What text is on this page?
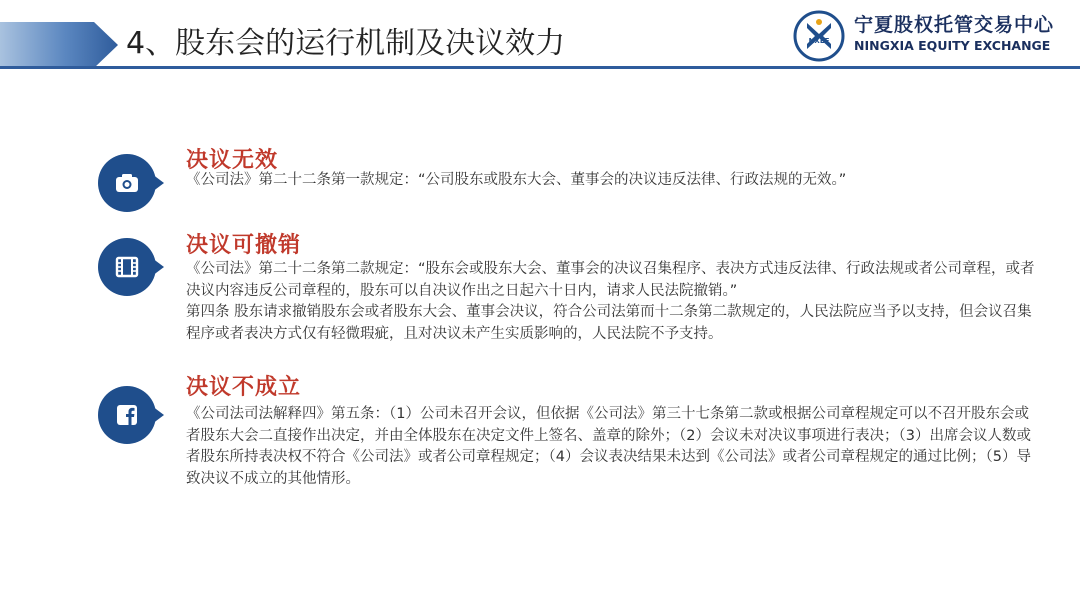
4、股东会的运行机制及决议效力	NXEE
宁夏股权托管交易中心
NINGXIA EQUITY EXCHANGE
决议无效

《公司法》第二十二条第一款规定：“公司股东或股东大会、董事会的决议违反法律、行政法规的无效。”

决议可撤销

《公司法》第二十二条第二款规定：“股东会或股东大会、董事会的决议召集程序、表决方式违反法律、行政法规或者公司章程，或者决议内容违反公司章程的，股东可以自决议作出之日起六十日内，请求人民法院撤销。”

第四条 股东请求撤销股东会或者股东大会、董事会决议，符合公司法第而十二条第二款规定的，人民法院应当予以支持，但会议召集程序或者表决方式仅有轻微瑕疵，且对决议未产生实质影响的，人民法院不予支持。

决议不成立

《公司法司法解释四》第五条：（1）公司未召开会议，但依据《公司法》第三十七条第二款或根据公司章程规定可以不召开股东会或者股东大会二直接作出决定，并由全体股东在决定文件上签名、盖章的除外；（2）会议未对决议事项进行表决；（3）出席会议人数或者股东所持表决权不符合《公司法》或者公司章程规定；（4）会议表决结果未达到《公司法》或者公司章程规定的通过比例；（5）导致决议不成立的其他情形。
